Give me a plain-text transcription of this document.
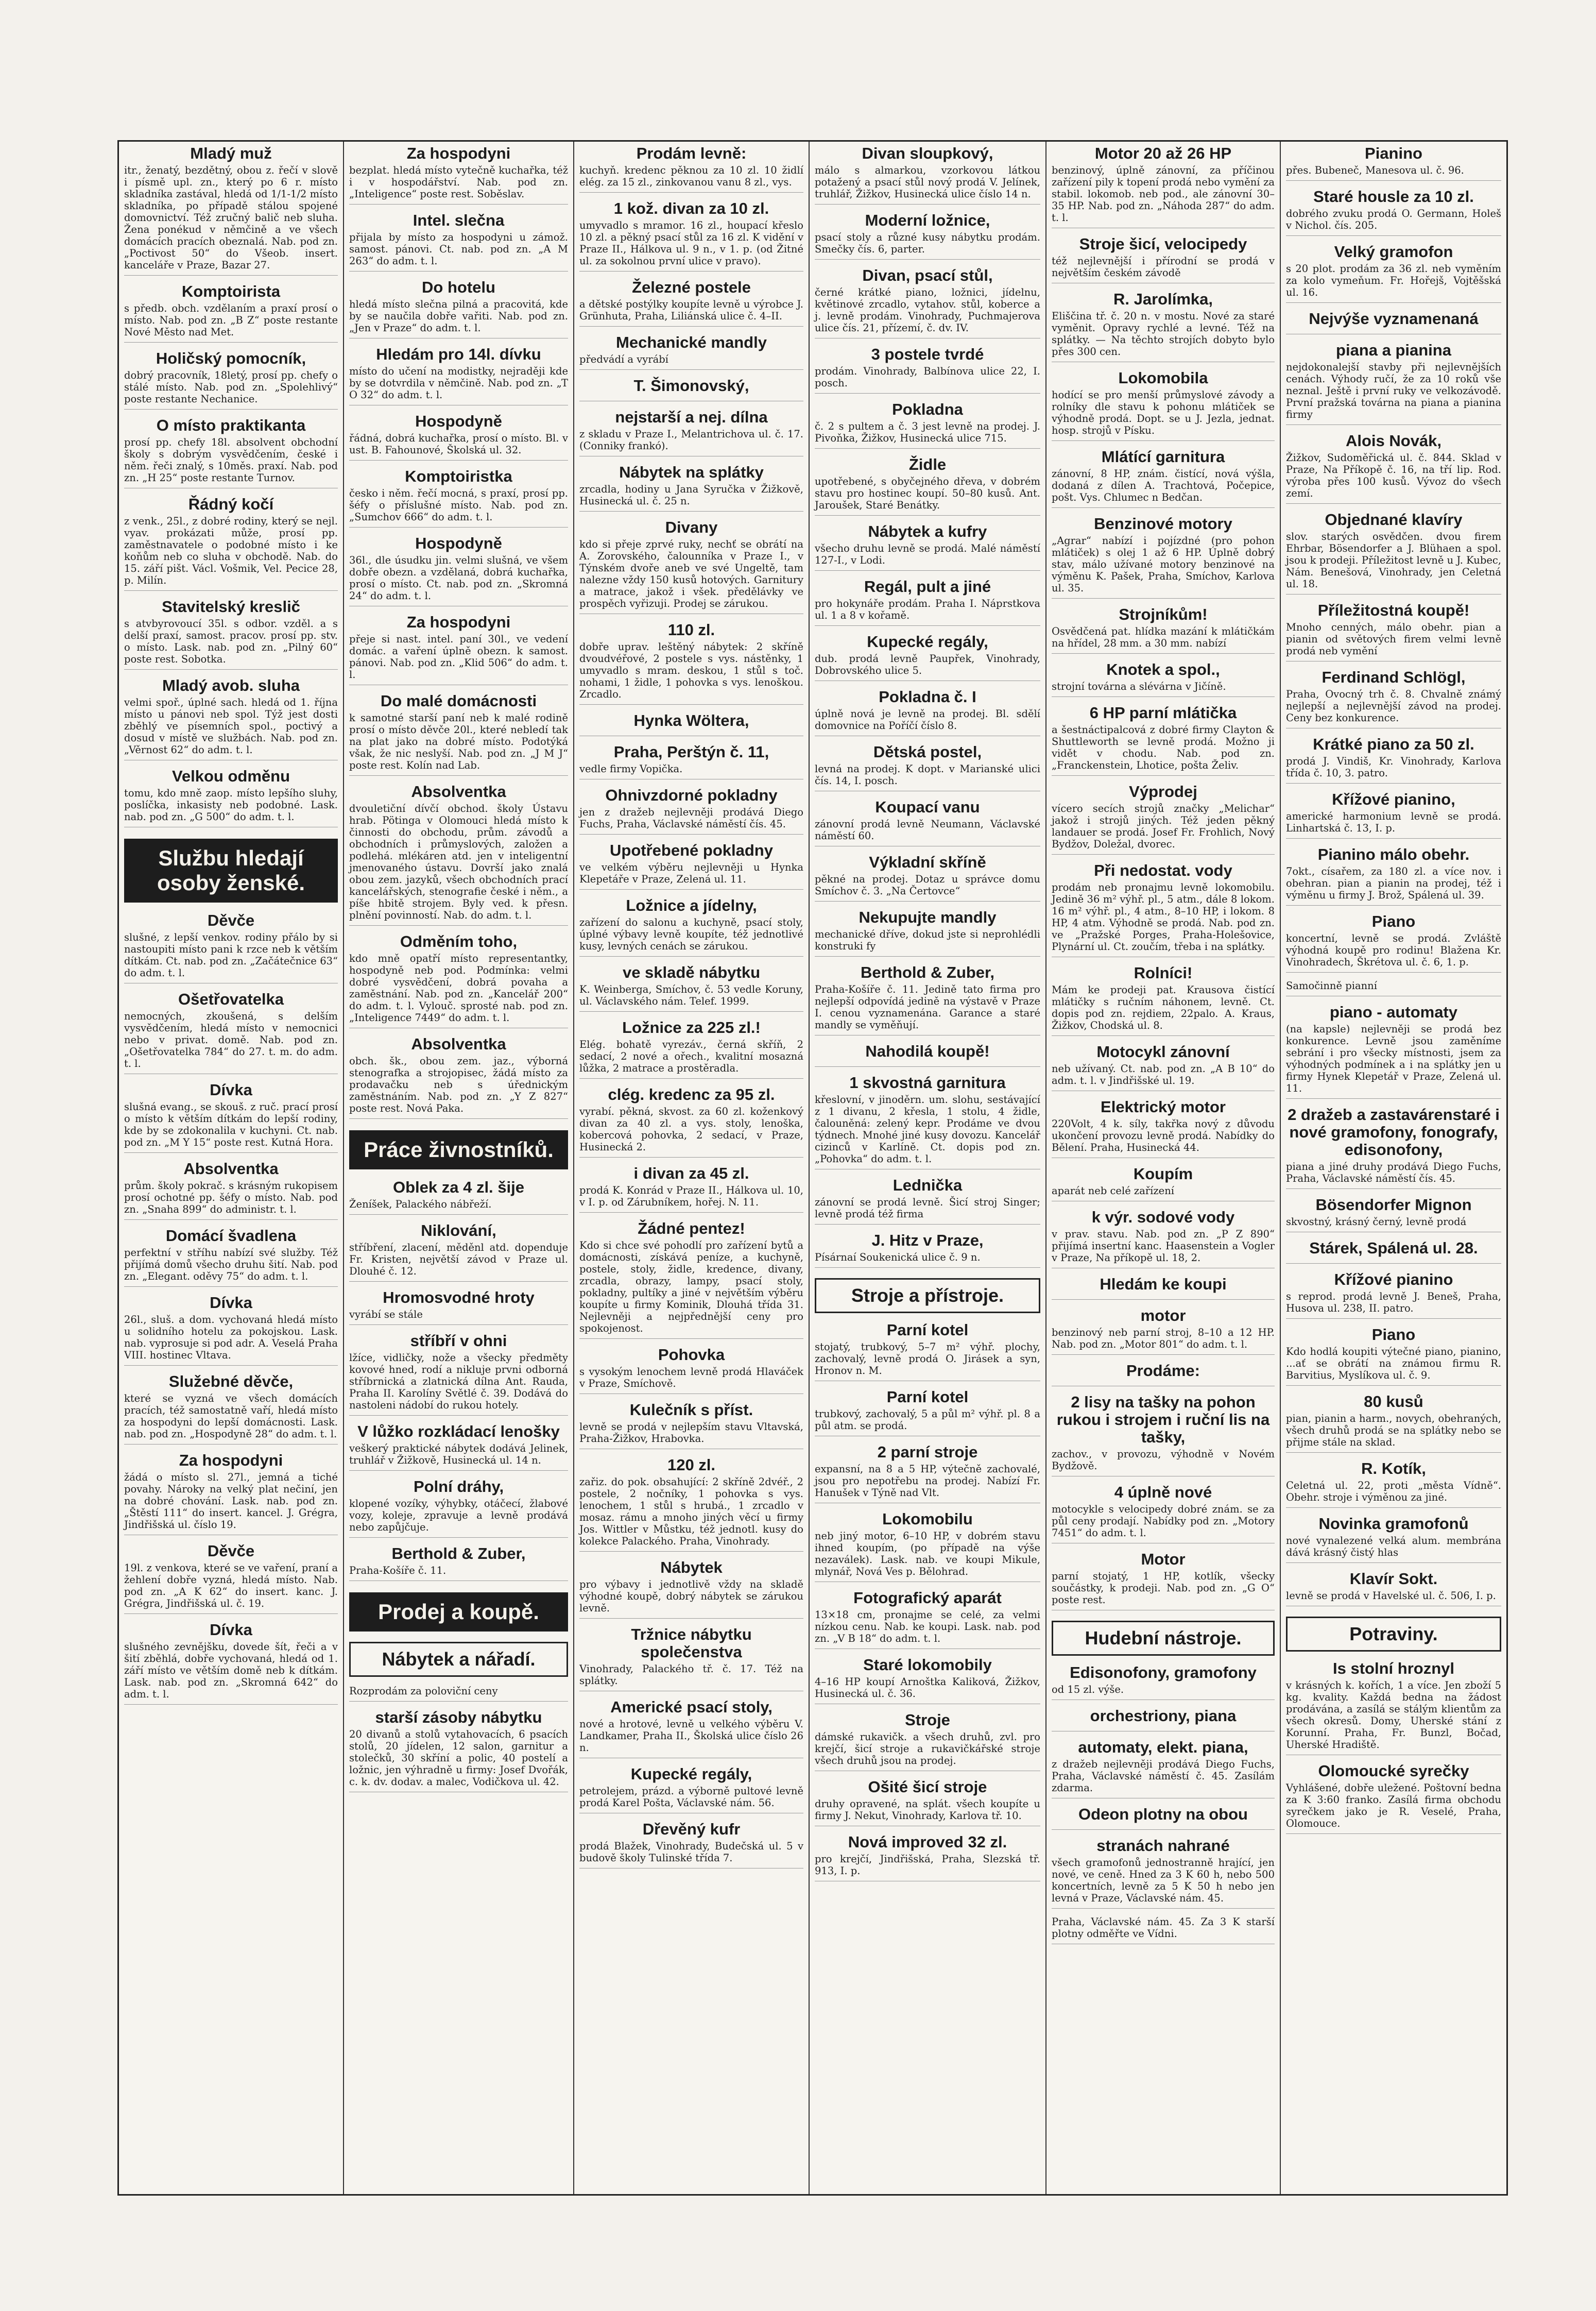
Mladý muž
itr., ženatý, bezdětný, obou z. řečí v slově i písmě upl. zn., který po 6 r. místo skladníka zastával, hledá od 1/1-1/2 místo skladníka, po případě stálou spojené domovnictví. Též zručný balič neb sluha. Žena ponékud v němčině a ve všech domácích pracích obeznalá. Nab. pod zn. „Poctivost 50“ do Všeob. insert. kanceláře v Praze, Bazar 27.
Komptoiristа
s předb. obch. vzdělaním a praxí prosí o místo. Nab. pod zn. „B Z“ poste restante Nové Město nad Met.
Holičský pomocník,
dobrý pracovník, 18letý, prosí pp. chefy o stálé místo. Nab. pod zn. „Spolehlivý“ poste restante Nechanice.
O místo praktikanta
prosí pp. chefy 18l. absolvent obchodní školy s dobrým vysvědčením, české i něm. řeči znalý, s 10měs. praxí. Nab. pod zn. „H 25“ poste restante Turnov.
Řádný kočí
z venk., 25l., z dobré rodiny, který se nejl. vyav. prokázati může, prosí pp. zaměstnavatele o podobné místo i ke koňům neb co sluha v obchodě. Nab. do 15. září pišt. Václ. Vošmik, Vel. Pecice 28, p. Milín.
Stavitelský kreslič
s atvbyrovoucí 35l. s odbor. vzděl. a s delší praxí, samost. pracov. prosí pp. stv. o místo. Lask. nab. pod zn. „Pilný 60“ poste rest. Sobotka.
Mladý avob. sluha
velmi spoř., úplné sach. hledá od 1. října místo u pánovi neb spol. Týž jest dosti zběhlý ve písemních spol., poctivý a dosud v místě ve službách. Nab. pod zn. „Věrnost 62“ do adm. t. l.
Velkou odměnu
tomu, kdo mně zaop. místo lepšího sluhy, poslíčka, inkasisty neb podobné. Lask. nab. pod zn. „G 500“ do adm. t. l.
Službu hledají osoby ženské.
Děvče
slušné, z lepší venkov. rodiny přálo by si nastoupiti místo pani k rzce neb k větším dítkám. Ct. nab. pod zn. „Začátečnice 63“ do adm. t. l.
Ošetřovatelka
nemocných, zkoušená, s delším vysvědčením, hledá místo v nemocnici nebo v privat. domě. Nab. pod zn. „Ošetřovatelka 784“ do 27. t. m. do adm. t. l.
Dívka
slušná evang., se skouš. z ruč. prací prosí o místo k větším dítkám do lepší rodiny, kde by se zdokonalila v kuchyni. Ct. nab. pod zn. „M Y 15“ poste rest. Kutná Hora.
Absolventka
prům. školy pokrač. s krásným rukopisem prosí ochotné pp. šéfy o místo. Nab. pod zn. „Snaha 899“ do administr. t. l.
Domácí švadlena
perfektní v stříhu nabízí své služby. Též přijímá domů všecho druhu šití. Nab. pod zn. „Elegant. oděvy 75“ do adm. t. l.
Dívka
26l., sluš. a dom. vychovaná hledá místo u solidního hotelu za pokojskou. Lask. nab. vyprosuje si pod adr. A. Veselá Praha VIII. hostinec Vltava.
Služebné děvče,
které se vyzná ve všech domácích pracích, též samostatně vaří, hledá místo za hospodyni do lepší domácnosti. Lask. nab. pod zn. „Hospodyně 28“ do adm. t. l.
Za hospodyni
žádá o místo sl. 27l., jemná a tiché povahy. Nároky na velký plat nečiní, jen na dobré chování. Lask. nab. pod zn. „Štěstí 111“ do insert. kancel. J. Grégra, Jindřišská ul. číslo 19.
Děvče
19l. z venkova, které se ve vaření, praní a žehlení dobře vyzná, hledá místo. Nab. pod zn. „A K 62“ do insert. kanc. J. Grégra, Jindřišská ul. č. 19.
Dívka
slušného zevnějšku, dovede šít, řeči a v šití zběhlá, dobře vychovaná, hledá od 1. září místo ve větším domě neb k dítkám. Lask. nab. pod zn. „Skromná 642“ do adm. t. l.
Za hospodyni
bezplat. hledá místo vytečně kuchařka, též i v hospodářství. Nab. pod zn. „Inteligence“ poste rest. Soběslav.
Intel. slečna
přijala by místo za hospodyni u zámož. samost. pánovi. Ct. nab. pod zn. „A M 263“ do adm. t. l.
Do hotelu
hledá místo slečna pilná a pracovitá, kde by se naučila dobře vařiti. Nab. pod zn. „Jen v Praze“ do adm. t. l.
Hledám pro 14l. dívku
místo do učení na modistky, nejraději kde by se dotvrdila v němčině. Nab. pod zn. „T O 32“ do adm. t. l.
Hospodyně
řádná, dobrá kuchařka, prosí o místo. Bl. v ust. B. Fahounové, Školská ul. 32.
Komptoiristka
česko i něm. řečí mocná, s praxí, prosí pp. šéfy o příslušné místo. Nab. pod zn. „Sumchov 666“ do adm. t. l.
Hospodyně
36l., dle úsudku jin. velmi slušná, ve všem dobře obezn. a vzdělaná, dobrá kuchařka, prosí o místo. Ct. nab. pod zn. „Skromná 24“ do adm. t. l.
Za hospodyni
přeje si nast. intel. paní 30l., ve vedení domác. a vaření úplně obezn. k samost. pánovi. Nab. pod zn. „Klid 506“ do adm. t. l.
Do malé domácnosti
k samotné starší paní neb k malé rodině prosí o místo děvče 20l., které nebledí tak na plat jako na dobré místo. Podotýká však, že nic neslyší. Nab. pod zn. „J M J“ poste rest. Kolín nad Lab.
Absolventka
dvouletiční dívčí obchod. školy Ústavu hrab. Pötinga v Olomouci hledá místo k činnosti do obchodu, prům. závodů a obchodních i průmyslových, založen a podlehá. mlékáren atd. jen v inteligentní jmenovaného ústavu. Dovrší jako znalá obou zem. jazyků, všech obchodních prací kancelářských, stenografie české i něm., a píše hbitě strojem. Byly ved. k přesn. plnění povinností. Nab. do adm. t. l.
Odměním toho,
kdo mně opatří místo representantky, hospodyně neb pod. Podmínka: velmi dobré vysvědčení, dobrá povaha a zaměstnání. Nab. pod zn. „Kancelář 200“ do adm. t. l. Vylouč. sprosté nab. pod zn. „Inteligence 7449“ do adm. t. l.
Absolventka
obch. šk., obou zem. jaz., výborná stenografka a strojopisec, žádá místo za prodavačku neb s úřednickým zaměstnáním. Nab. pod zn. „Y Z 827“ poste rest. Nová Paka.
Práce živnostníků.
Oblek za 4 zl. šije
Ženíšek, Palackého nábřeží.
Niklování,
stříbření, zlacení, měděnl atd. dopenduje Fr. Kristen, největší závod v Praze ul. Dlouhé č. 12.
Hromosvodné hroty
vyrábí se stále
stříbří v ohni
lžíce, vidličky, nože a všecky předměty kovové hned, rodí a niklujе prvni odborná stříbrnická a zlatnická dílna Ant. Rauda, Praha II. Karolíny Světlé č. 39. Dodává do nastoleni nádobí do rukou hotely.
V lůžko rozkládací lenošky
veškerý praktické nábytek dodává Jelinek, truhlář v Žižkově, Husinecká ul. 14 n.
Polní dráhy,
klopené vozíky, výhybky, otáčecí, žlabové vozy, koleje, zpravuje a levně prodává nebo zapůjčuje.
Berthold & Zuber,
Praha-Košíře č. 11.
Prodej a koupě.
Nábytek a nářadí.
Rozprodám za poloviční ceny
starší zásoby nábytku
20 divanů a stolů vytahovacích, 6 psacích stolů, 20 jídelen, 12 salon, garnitur a stolečků, 30 skříní a polic, 40 postelí a ložnic, jen výhradně u firmy: Josef Dvořák, c. k. dv. dodav. a malec, Vodičkova ul. 42.
Prodám levně:
kuchyň. kredenc pěknou za 10 zl. 10 židlí elég. za 15 zl., zinkovanou vanu 8 zl., vys.
1 kož. divan za 10 zl.
umyvadlo s mramor. 16 zl., houpací křeslo 10 zl. a pěkný psací stůl za 16 zl. K vidění v Praze II., Hálkova ul. 9 n., v 1. p. (od Žitné ul. za sokolnou první ulice v pravo).
Železné postele
a dětské postýlky koupíte levně u výrobce J. Grünhuta, Praha, Liliánská ulice č. 4–II.
Mechanické mandly
předvádí a vyrábí
T. Šimonovský,
nejstarší a nej. dílna
z skladu v Praze I., Melantrichova ul. č. 17. (Conniky frankó).
Nábytek na splátky
zrcadla, hodiny u Jana Syručka v Žižkově, Husinecká ul. č. 25 n.
Divany
kdo si přeje zprvé ruky, nechť se obrátí na A. Zorovského, čalounníka v Praze I., v Týnském dvoře aneb ve své Ungeltě, tam nalezne vždy 150 kusů hotových. Garnitury a matrace, jakož i všek. předělávky ve prospěch vyřizuji. Prodej se zárukou.
110 zl.
dobře uprav. leštěný nábytek: 2 skříně dvoudvéřové, 2 postele s vys. nástěnky, 1 umyvadlo s mram. deskou, 1 stůl s toč. nohami, 1 židle, 1 pohovka s vys. lenoškou. Zrcadlo.
Hynka Wöltera,
Praha, Perštýn č. 11,
vedle firmy Vopička.
Ohnivzdorné pokladny
jen z dražeb nejlevněji prodává Diego Fuchs, Praha, Václavské náměstí čís. 45.
Upotřebené pokladny
ve velkém výběru nejlevněji u Hynka Klepetáře v Praze, Zelená ul. 11.
Ložnice a jídelny,
zařízení do salonu a kuchyně, psací stoly, úplné výbavy levně koupíte, též jednotlivé kusy, levných cenách se zárukou.
ve skladě nábytku
K. Weinberga, Smíchov, č. 53 vedle Koruny, ul. Václavského nám. Telef. 1999.
Ložnice za 225 zl.!
Elég. bohatě vyrezáv., černá skříň, 2 sedací, 2 nové a ořech., kvalitní mosazná lůžka, 2 matrace a prostěradla.
clég. kredenc za 95 zl.
vyrabí. pěkná, skvost. za 60 zl. koženkový divan za 40 zl. a vys. stoly, lenoška, kobercová pohovka, 2 sedací, v Praze, Husinecká 2.
i divan za 45 zl.
prodá K. Konrád v Praze II., Hálkova ul. 10, v I. p. od Zárubníkem, hořej. N. 11.
Žádné pentez!
Kdo si chce své pohodlí pro zařízení bytů a domácnosti, získává peníze, a kuchyně, postele, stoly, židle, kredence, divany, zrcadla, obrazy, lampy, psací stoly, pokladny, pultíky a jiné v největším výběru koupíte u firmy Kominik, Dlouhá třída 31. Nejlevněji a nejpřednější ceny pro spokojenost.
Pohovka
s vysokým lenochem levně prodá Hlaváček v Praze, Smíchově.
Kulečník s příst.
levně se prodá v nejlepším stavu Vltavská, Praha-Žižkov, Hrabovka.
120 zl.
zařiz. do pok. obsahující: 2 skříně 2dvéř., 2 postele, 2 nočníky, 1 pohovka s vys. lenochem, 1 stůl s hrubá., 1 zrcadlo v mosaz. rámu a mnoho jiných věcí u firmy Jos. Wittler v Můstku, též jednotl. kusy do kolekce Palackého. Praha, Vinohrady.
Nábytek
pro výbavy i jednotlivě vždy na skladě výhodné koupě, dobrý nábytek se zárukou levně.
Tržnice nábytku společenstva
Vinohrady, Palackého tř. č. 17. Též na splátky.
Americké psací stoly,
nové a hrotové, levně u velkého výběru V. Landkamer, Praha II., Školská ulice číslo 26 n.
Kupecké regály,
petrolejem, prázd. a výborně pultové levně prodá Karel Pošta, Václavské nám. 56.
Dřevěný kufr
prodá Blažek, Vinohrady, Budečská ul. 5 v budově školy Tulinské třída 7.
Divan sloupkový,
málo s almarkou, vzorkovou látkou potažený a psací stůl nový prodá V. Jelínek, truhlář, Žižkov, Husinecká ulice číslo 14 n.
Moderní ložnice,
psací stoly a různé kusy nábytku prodám. Smečky čís. 6, parter.
Divan, psací stůl,
černé krátké piano, ložnici, jídelnu, květinové zrcadlo, vytahov. stůl, koberce a j. levně prodám. Vinohrady, Puchmajerova ulice čís. 21, přízemí, č. dv. IV.
3 postele tvrdé
prodám. Vinohrady, Balbínova ulice 22, I. posch.
Pokladna
č. 2 s pultem a č. 3 jest levně na prodej. J. Pivoňka, Žižkov, Husinecká ulice 715.
Židle
upotřebené, s obyčejného dřeva, v dobrém stavu pro hostinec koupí. 50–80 kusů. Ant. Jaroušek, Staré Benátky.
Nábytek a kufry
všecho druhu levně se prodá. Malé náměstí 127-I., v Lodi.
Regál, pult a jiné
pro hokynáře prodám. Praha I. Náprstkova ul. 1 a 8 v kořamě.
Kupecké regály,
dub. prodá levně Paupřek, Vinohrady, Dobrovského ulice 5.
Pokladna č. I
úplně nová je levně na prodej. Bl. sdělí domovnice na Poříčí číslo 8.
Dětská postel,
levná na prodej. K dopt. v Marianské ulici čís. 14, I. posch.
Koupací vanu
zánovní prodá levně Neumann, Václavské náměstí 60.
Výkladní skříně
pěkné na prodej. Dotaz u správce domu Smíchov č. 3. „Na Čertovce“
Nekupujte mandly
mechanické dříve, dokud jste si neprohlédli konstruki fy
Berthold & Zuber,
Praha-Košíře č. 11. Jedině tato firma pro nejlepší odpovídá jedině na výstavě v Praze I. cenou vyznamenána. Garance a staré mandly se vyměňují.
Nahodilá koupě!
1 skvostná garnitura
křeslovní, v jinoděrn. um. slohu, sestávající z 1 divanu, 2 křesla, 1 stolu, 4 židle, čalouněná: zelený kepr. Prodáme ve dvou týdnech. Mnohé jiné kusy dovozu. Kancelář cizinců v Karlíně. Ct. dopis pod zn. „Pohovka“ do adm. t. l.
Lednička
zánovní se prodá levně. Šicí stroj Singer; levně prodá též firma
J. Hitz v Praze,
Písárnaí Soukenická ulice č. 9 n.
Stroje a přístroje.
Parní kotel
stojatý, trubkový, 5–7 m² výhř. plochy, zachovalý, levně prodá O. Jirásek a syn, Hronov n. M.
Parní kotel
trubkový, zachovalý, 5 a půl m² výhř. pl. 8 a půl atm. se prodá.
2 parní stroje
expansní, na 8 a 5 HP, výtečně zachovalé, jsou pro nepotřebu na prodej. Nabízí Fr. Hanušek v Týně nad Vlt.
Lokomobilu
neb jiný motor, 6–10 HP, v dobrém stavu ihned koupím, (po případě na výše nezaválek). Lask. nab. ve koupi Mikule, mlynář, Nová Ves p. Bělohrad.
Fotografický aparát
13×18 cm, pronajme se celé, za velmi nízkou cenu. Nab. ke koupi. Lask. nab. pod zn. „V B 18“ do adm. t. l.
Staré lokomobily
4–16 HP koupí Arnoštka Kaliková, Žižkov, Husinecká ul. č. 36.
Stroje
dámské rukavičk. a všech druhů, zvl. pro krejčí, šicí stroje a rukavičkářské stroje všech druhů jsou na prodej.
Ošité šicí stroje
druhy opravené, na splát. všech koupíte u firmy J. Nekut, Vinohrady, Karlova tř. 10.
Nová improved 32 zl.
pro krejčí, Jindřišská, Praha, Slezská tř. 913, I. p.
Motor 20 až 26 HP
benzinový, úplně zánovní, za příčinou zařízení pily k topení prodá nebo vymění za stabil. lokomob. neb pod., ale zánovní 30–35 HP. Nab. pod zn. „Náhoda 287“ do adm. t. l.
Stroje šicí, velocipedy
též nejlevnější i přírodní se prodá v největším českém závodě
R. Jarolímka,
Eliščina tř. č. 20 n. v mostu. Nové za staré vyměnit. Opravy rychlé a levné. Též na splátky. — Na těchto strojích dobyto bylo přes 300 cen.
Lokomobila
hodící se pro menší průmyslové závody a rolníky dle stavu k pohonu mlátiček se výhodně prodá. Dopt. se u J. Jezla, jednat. hosp. strojů v Písku.
Mlátící garnitura
zánovní, 8 HP, znám. čistící, nová výšla, dodaná z dílen A. Trachtová, Počepice, pošt. Vys. Chlumec n Bedčan.
Benzinové motory
„Agrar“ nabízí i pojízdné (pro pohon mlátiček) s olej 1 až 6 HP. Úplně dobrý stav, málo užívané motory benzinové na výměnu K. Pašek, Praha, Smíchov, Karlova ul. 35.
Strojníkům!
Osvědčená pat. hlídka mazání k mlátičkám na hřídel, 28 mm. a 30 mm. nabízí
Knotek a spol.,
strojní továrna a slévárna v Jičíně.
6 HP parní mlátička
a šestnáctipalcová z dobré firmy Clayton & Shuttleworth se levně prodá. Možno ji vidět v chodu. Nab. pod zn. „Franckenstein, Lhotice, pošta Želiv.
Výprodej
vícero secích strojů značky „Melichar“ jakož i strojů jiných. Též jeden pěkný landauer se prodá. Josef Fr. Frohlich, Nový Bydžov, Doležal, dvorec.
Při nedostat. vody
prodám neb pronajmu levně lokomobilu. Jedině 36 m² výhř. pl., 5 atm., dále 8 lokom. 16 m² výhř. pl., 4 atm., 8–10 HP, i lokom. 8 HP, 4 atm. Výhodně se prodá. Nab. pod zn. ve „Pražské Porges, Praha-Holešovice, Plynární ul. Ct. zoučím, třeba i na splátky.
Rolníci!
Mám ke prodeji pat. Krausova čistící mlátičky s ručním náhonem, levně. Ct. dopis pod zn. rejdiem, 22palo. A. Kraus, Žižkov, Chodská ul. 8.
Motocykl zánovní
neb užívaný. Ct. nab. pod zn. „A B 10“ do adm. t. l. v Jindřišské ul. 19.
Elektrický motor
220Volt, 4 k. síly, takřka nový z důvodu ukončení provozu levně prodá. Nabídky do Bělení. Praha, Husinecká 44.
Koupím
aparát neb celé zařízení
k výr. sodové vody
v prav. stavu. Nab. pod zn. „P Z 890“ přijímá insertní kanc. Haasenstein a Vogler v Praze, Na příkopě ul. 18, 2.
Hledám ke koupi
motor
benzinový neb parní stroj, 8–10 a 12 HP. Nab. pod zn. „Motor 801“ do adm. t. l.
Prodáme:
2 lisy na tašky na pohon rukou i strojem i ruční lis na tašky,
zachov., v provozu, výhodně v Novém Bydžově.
4 úplně nové
motocykle s velocipedy dobré znám. se za půl ceny prodají. Nabídky pod zn. „Motory 7451“ do adm. t. l.
Motor
parní stojatý, 1 HP, kotlík, všecky součástky, k prodeji. Nab. pod zn. „G O“ poste rest.
Hudební nástroje.
Edisonofony, gramofony
od 15 zl. výše.
orchestriony, piana
automaty, elekt. piana,
z dražeb nejlevněji prodává Diego Fuchs, Praha, Václavské náměstí č. 45. Zasílám zdarma.
Odeon plotny na obou
stranách nahrané
všech gramofonů jednostranně hrající, jen nové, ve ceně. Hned za 3 K 60 h, nebo 500 koncertních, levně za 5 K 50 h nebo jen levná v Praze, Václavské nám. 45.
Praha, Václavské nám. 45. Za 3 K starší plotny odměřte ve Vídni.
Pianino
přes. Bubeneč, Manesova ul. č. 96.
Staré housle za 10 zl.
dobrého zvuku prodá O. Germann, Holeš v Nichol. čís. 205.
Velký gramofon
s 20 plot. prodám za 36 zl. neb vyměním za kolo vymeňum. Fr. Hořejš, Vojtěšská ul. 16.
Nejvýše vyznamenaná
piana a pianina
nejdokonalejší stavby při nejlevnějších cenách. Výhody ručí, že za 10 roků vše neznal. Ještě i první ruky ve velkozávodě. První pražská továrna na piana a pianina firmy
Alois Novák,
Žižkov, Sudoměřická ul. č. 844. Sklad v Praze, Na Příkopě č. 16, na tří lip. Rod. výroba přes 100 kusů. Vývoz do všech zemí.
Objednané klavíry
slov. starých osvědčen. dvou firem Ehrbar, Bösendorfer a J. Blühaen a spol. jsou k prodeji. Příležitost levně u J. Kubec, Nám. Benešová, Vinohrady, jen Celetná ul. 18.
Příležitostná koupě!
Mnoho cenných, málo obehr. pian a pianin od světových firem velmi levně prodá neb vymění
Ferdinand Schlögl,
Praha, Ovocný trh č. 8. Chvalně známý nejlepší a nejlevnější závod na prodej. Ceny bez konkurence.
Krátké piano za 50 zl.
prodá J. Vindiš, Kr. Vinohrady, Karlova třída č. 10, 3. patro.
Křížové pianino,
americké harmonium levně se prodá. Linhartská č. 13, I. p.
Pianino málo obehr.
7okt., císařem, za 180 zl. a více nov. i obehran. pian a pianin na prodej, též i výměnu u firmy J. Brož, Spálená ul. 39.
Piano
koncertní, levně se prodá. Zvláště výhodná koupě pro rodinu! Blažena Kr. Vinohradech, Škrétova ul. č. 6, 1. p.
Samočinně pianní
piano - automaty
(na kapsle) nejlevněji se prodá bez konkurence. Levně jsou zaměníme sebrání i pro všecky místnosti, jsem za výhodných podmínek a i na splátky jen u firmy Hynek Klepetář v Praze, Zelená ul. 11.
2 dražeb a zastavárenstaré i nové gramofony, fonografy, edisonofony,
piana a jiné druhy prodává Diego Fuchs, Praha, Václavské náměstí čís. 45.
Bösendorfer Mignon
skvostný, krásný černý, levně prodá
Stárek, Spálená ul. 28.
Křížové pianino
s reprod. prodá levně J. Beneš, Praha, Husova ul. 238, II. patro.
Piano
Kdo hodlá koupiti výtečné piano, pianino, ...ať se obrátí na známou firmu R. Barvitius, Myslíkova ul. č. 9.
80 kusů
pian, pianin a harm., novych, obehraných, všech druhů prodá se na splátky nebo se přijme stále na sklad.
R. Kotík,
Celetná ul. 22, proti „města Vídně“. Obehr. stroje i výměnou za jiné.
Novinka gramofonů
nové vynalezené velká alum. membrána dává krásný čistý hlas
Klavír Sokt.
levně se prodá v Havelské ul. č. 506, I. p.
Potraviny.
Is stolní hroznyl
v krásných k. kořích, 1 a více. Jen zboží 5 kg. kvality. Každá bedna na žádost prodávána, a zasílá se stálým klientům za všech okresů. Domy, Uherské stání z Korunní. Praha, Fr. Bunzl, Bočad, Uherské Hradiště.
Olomoucké syrečky
Vyhlášené, dobře uležené. Poštovní bedna za K 3:60 franko. Zasílá firma obchodu syrečkem jako je R. Veselé, Praha, Olomouce.
